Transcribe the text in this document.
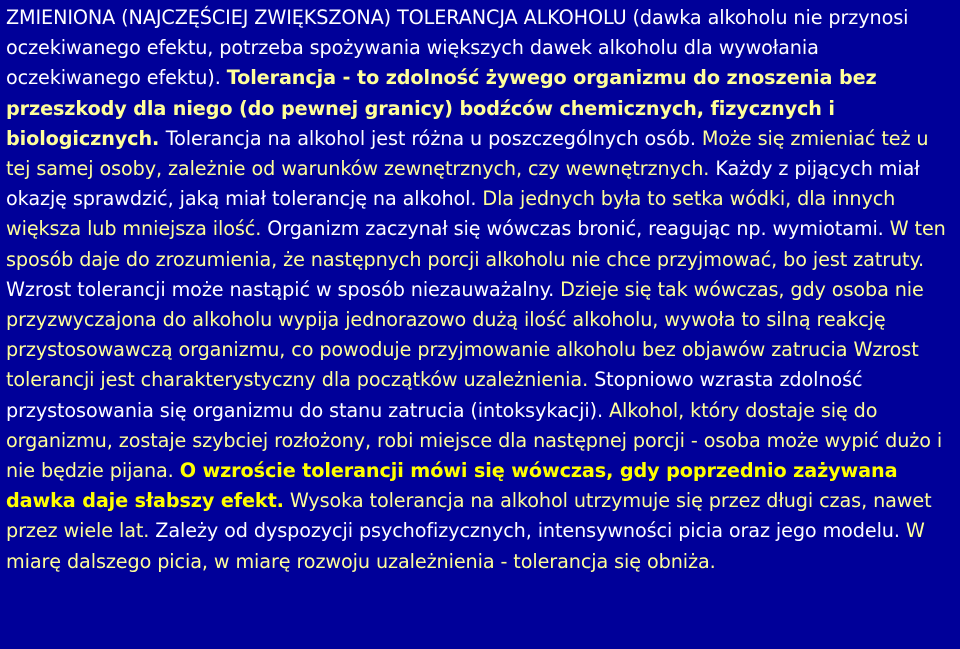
ZMIENIONA (NAJCZĘŚCIEJ ZWIĘKSZONA) TOLERANCJA ALKOHOLU (dawka alkoholu nie przynosi oczekiwanego efektu, potrzeba spożywania większych dawek alkoholu dla wywołania oczekiwanego efektu). Tolerancja - to zdolność żywego organizmu do znoszenia bez przeszkody dla niego (do pewnej granicy) bodźców chemicznych, fizycznych i biologicznych. Tolerancja na alkohol jest różna u poszczególnych osób. Może się zmieniać też u tej samej osoby, zależnie od warunków zewnętrznych, czy wewnętrznych. Każdy z pijących miał okazję sprawdzić, jaką miał tolerancję na alkohol. Dla jednych była to setka wódki, dla innych większa lub mniejsza ilość. Organizm zaczynał się wówczas bronić, reagując np. wymiotami. W ten sposób daje do zrozumienia, że następnych porcji alkoholu nie chce przyjmować, bo jest zatruty. Wzrost tolerancji może nastąpić w sposób niezauważalny. Dzieje się tak wówczas, gdy osoba nie przyzwyczajona do alkoholu wypija jednorazowo dużą ilość alkoholu, wywoła to silną reakcję przystosowawczą organizmu, co powoduje przyjmowanie alkoholu bez objawów zatrucia Wzrost tolerancji jest charakterystyczny dla początków uzależnienia. Stopniowo wzrasta zdolność przystosowania się organizmu do stanu zatrucia (intoksykacji). Alkohol, który dostaje się do organizmu, zostaje szybciej rozłożony, robi miejsce dla następnej porcji - osoba może wypić dużo i nie będzie pijana. O wzroście tolerancji mówi się wówczas, gdy poprzednio zażywana dawka daje słabszy efekt. Wysoka tolerancja na alkohol utrzymuje się przez długi czas, nawet przez wiele lat. Zależy od dyspozycji psychofizycznych, intensywności picia oraz jego modelu. W miarę dalszego picia, w miarę rozwoju uzależnienia - tolerancja się obniża.
